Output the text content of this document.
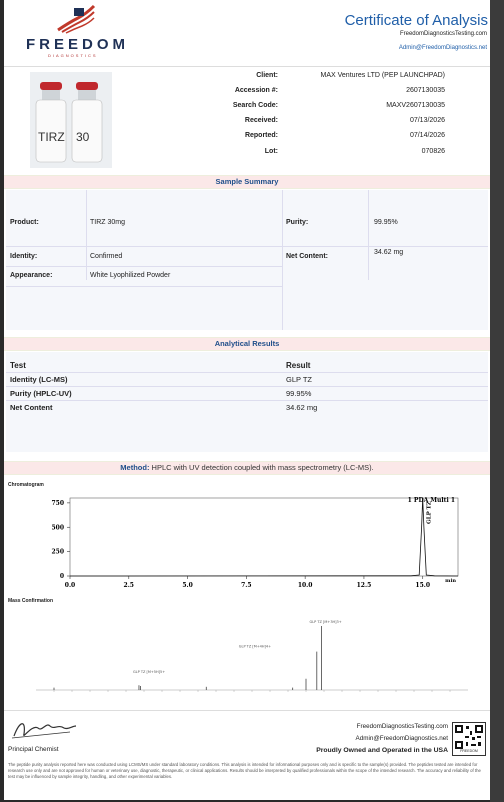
FREEDOM
DIAGNOSTICS
Certificate of Analysis
FreedomDiagnosticsTesting.com
Admin@FreedomDiagnostics.net
TIRZ 30
Client:	MAX Ventures LTD (PEP LAUNCHPAD)
Accession #:	2607130035
Search Code:	MAXV2607130035
Received:	07/13/2026
Reported:	07/14/2026
Lot:	070826
Sample Summary
Product:	TIRZ 30mg	Purity:	99.95%
Identity:	Confirmed	Net Content:
34.62 mg
Appearance:	White Lyophilized Powder
Analytical Results
Test	Result
Identity (LC-MS)	GLP TZ
Purity (HPLC-UV)	99.95%
Net Content	34.62 mg
Method: HPLC with UV detection coupled with mass spectrometry (LC-MS).
Chromatogram
0
250
500
750
0.0	2.5	5.0	7.5	10.0	12.5	15.0
1 PDA Multi 1
GLP TZ
min
Mass Confirmation
GLP TZ [M+3H]3+
GLP TZ [M+4H]4+
GLP TZ [M+5H]5+
Principal Chemist
FreedomDiagnosticsTesting.com
Admin@FreedomDiagnostics.net
Proudly Owned and Operated in the USA	FREEDOM
The peptide purity analysis reported here was conducted using LCMS/MS under standard laboratory conditions. This analysis is intended for informational purposes only and is specific to the sample(s) provided. The peptides tested are intended for research use only and are not approved for human or veterinary use, diagnostic, therapeutic, or clinical applications. Results should be interpreted by qualified professionals within the scope of the intended research. The accuracy and reliability of the test may be influenced by sample integrity, handling, and other experimental variables.
